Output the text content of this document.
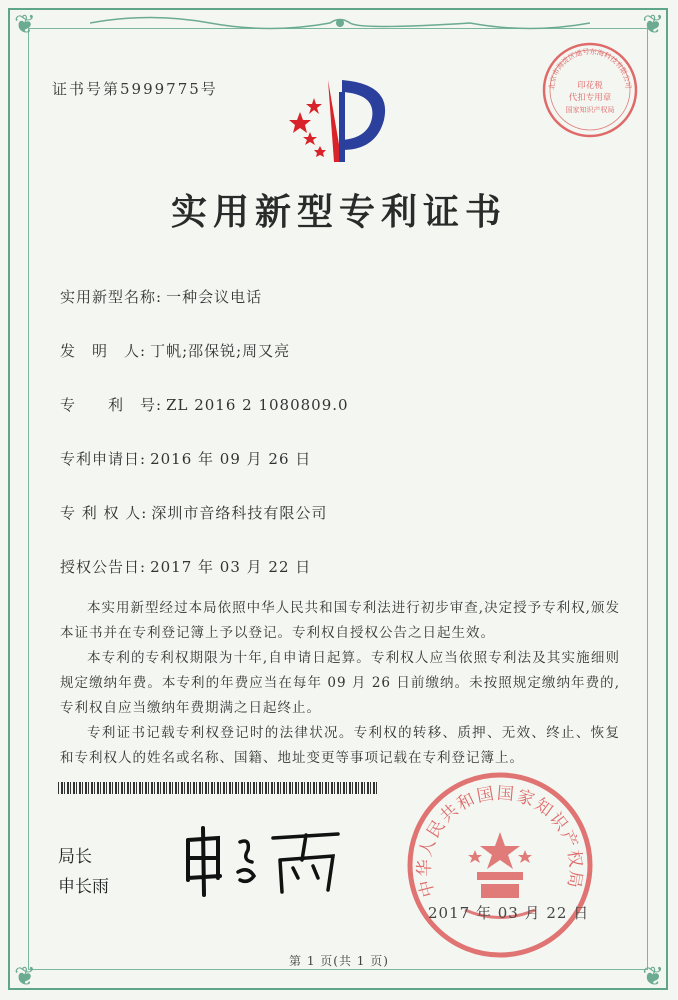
❦	❦
❦	❦
证书号第5999775号	北京市海淀区通号东海科技有限公司
印花税
代扣专用章
国家知识产权局
实用新型专利证书
实用新型名称: 一种会议电话
发　明　人: 丁帆;邵保锐;周又亮
专　　利　号: ZL 2016 2 1080809.0
专利申请日: 2016 年 09 月 26 日
专 利 权 人: 深圳市音络科技有限公司
授权公告日: 2017 年 03 月 22 日
本实用新型经过本局依照中华人民共和国专利法进行初步审查,决定授予专利权,颁发本证书并在专利登记簿上予以登记。专利权自授权公告之日起生效。
本专利的专利权期限为十年,自申请日起算。专利权人应当依照专利法及其实施细则规定缴纳年费。本专利的年费应当在每年 09 月 26 日前缴纳。未按照规定缴纳年费的,专利权自应当缴纳年费期满之日起终止。
专利证书记载专利权登记时的法律状况。专利权的转移、质押、无效、终止、恢复和专利权人的姓名或名称、国籍、地址变更等事项记载在专利登记簿上。
局长
申长雨	中华人民共和国国家知识产权局
2017 年 03 月 22 日
第 1 页(共 1 页)
